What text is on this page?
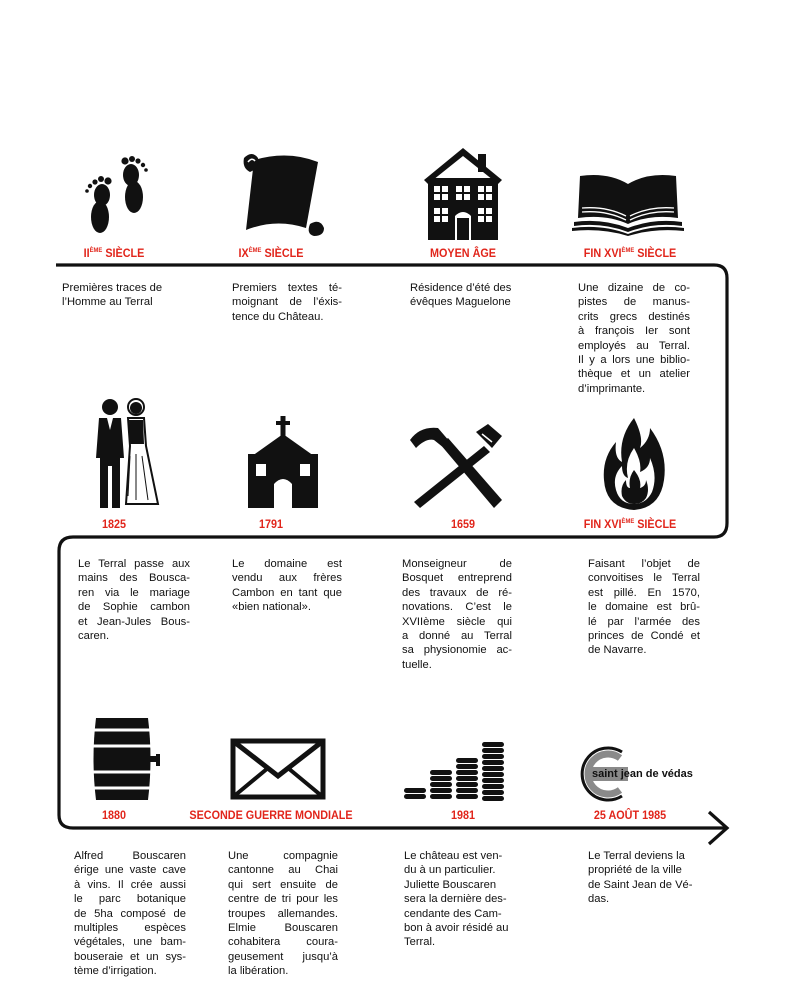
saint jean de védas
IIÈME SIÈCLE	IXÈME SIÈCLE	MOYEN ÂGE	FIN XVIÈME SIÈCLE
1825	1791	1659	FIN XVIÈME SIÈCLE
1880	SECONDE GUERRE MONDIALE	1981	25 AOÛT 1985
Premières traces de
l’Homme au Terral
Premiers textes té-
moignant de l’éxis-
tence du Château.
Résidence d’été des
évêques Maguelone
Une dizaine de co-
pistes de manus-
crits grecs destinés
à françois Ier sont
employés au Terral.
Il y a lors une biblio-
thèque et un atelier
d’imprimante.
Le Terral passe aux
mains des Bousca-
ren via le mariage
de Sophie cambon
et Jean-Jules Bous-
caren.
Le domaine est
vendu aux frères
Cambon en tant que
«bien national».
Monseigneur de
Bosquet entreprend
des travaux de ré-
novations. C’est le
XVIIème siècle qui
a donné au Terral
sa physionomie ac-
tuelle.
Faisant l’objet de
convoitises le Terral
est pillé. En 1570,
le domaine est brû-
lé par l’armée des
princes de Condé et
de Navarre.
Alfred Bouscaren
érige une vaste cave
à vins. Il crée aussi
le parc botanique
de 5ha composé de
multiples espèces
végétales, une bam-
bouseraie et un sys-
tème d’irrigation.
Une compagnie
cantonne au Chai
qui sert ensuite de
centre de tri pour les
troupes allemandes.
Elmie Bouscaren
cohabitera coura-
geusement jusqu’à
la libération.
Le château est ven-
du à un particulier.
Juliette Bouscaren
sera la dernière des-
cendante des Cam-
bon à avoir résidé au
Terral.
Le Terral deviens la
propriété de la ville
de Saint Jean de Vé-
das.
